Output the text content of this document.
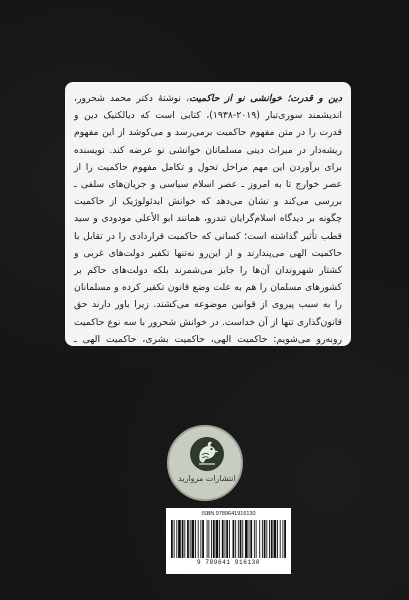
دین و قدرت؛ خوانشی نو از حاکمیت، نوشتهٔ دکتر محمد شحرور، اندیشمند سوری‌تبار (۲۰۱۹-۱۹۳۸)، کتابی است که دیالکتیک دین و قدرت را در متن مفهوم حاکمیت برمی‌رسد و می‌کوشد از این مفهوم ریشه‌دار در میراث دینی مسلمانان خوانشی نو عرضه کند. نویسنده برای برآوردن این مهم مراحل تحول و تکامل مفهوم حاکمیت را از عصر خوارج تا به امروز ـ عصر اسلام سیاسی و جریان‌های سلفی ـ بررسی می‌کند و نشان می‌دهد که خوانش ایدئولوژیک از حاکمیت چگونه بر دیدگاه اسلام‌گرایان تندرو، همانند ابو الأعلی مودودی و سید قطب تأثیر گذاشته است؛ کسانی که حاکمیت قراردادی را در تقابل با حاکمیت الهی می‌پندارند و از این‌رو نه‌تنها تکفیر دولت‌های غربی و کشتار شهروندان آن‌ها را جایز می‌شمرند بلکه دولت‌های حاکم بر کشورهای مسلمان را هم به علت وضع قانون تکفیر کرده و مسلمانان را به سبب پیروی از قوانین موضوعه می‌کشند. زیرا باور دارند حق قانون‌گذاری تنها از آن خداست. در خوانش شحرور با سه نوع حاکمیت روبه‌رو می‌شویم: حاکمیت الهی، حاکمیت بشری، حاکمیت الهی ـ بشری.

انتشارات مروارید
ISBN 9789641916130
9 789641 916130
